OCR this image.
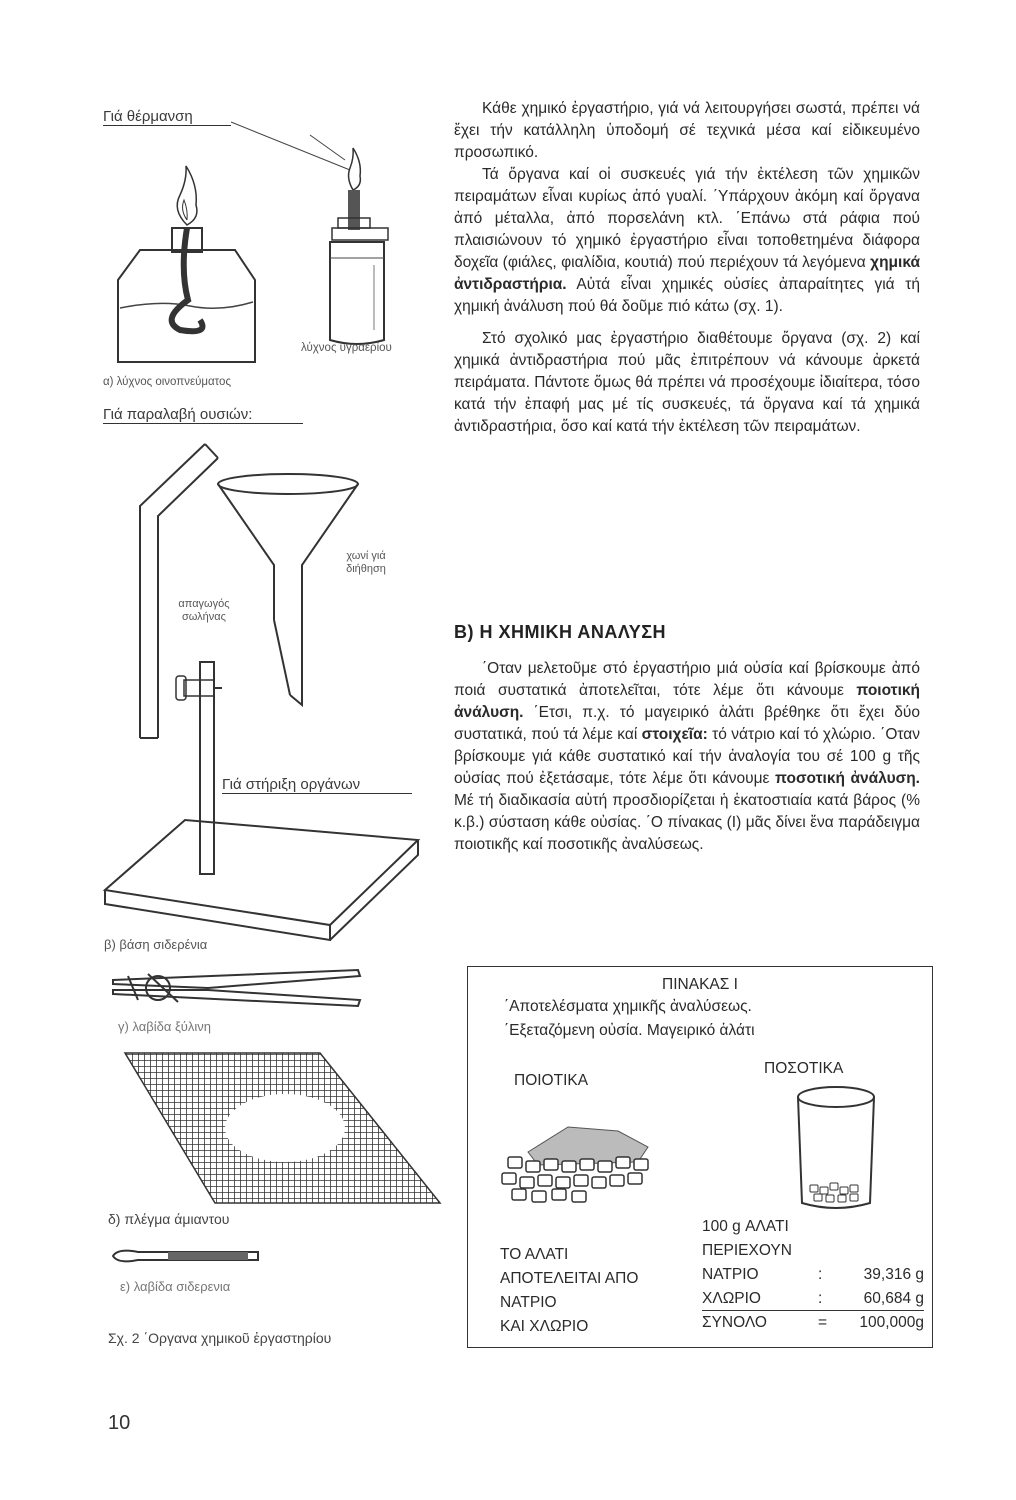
Γιά θέρμανση
λύχνος υγραερίου
α) λύχνος οινοπνεύματος
Γιά παραλαβή ουσιών:
χωνί γιά διήθηση
απαγωγός σωλήνας
Γιά στήριξη οργάνων
β) βάση σιδερένια
γ) λαβίδα ξύλινη
δ) πλέγμα άμιαντου
ε) λαβίδα σιδερενια
Σχ. 2 ΄Οργανα χημικοῦ ἐργαστηρίου

Κάθε χημικό ἐργαστήριο, γιά νά λειτουργήσει σωστά, πρέπει νά ἔχει τήν κατάλληλη ὑποδομή σέ τεχνικά μέσα καί εἰδικευμένο προσωπικό.

Τά ὄργανα καί οἱ συσκευές γιά τήν ἐκτέλεση τῶν χημικῶν πειραμάτων εἶναι κυρίως ἀπό γυαλί. ΄Υπάρχουν ἀκόμη καί ὄργανα ἀπό μέταλλα, ἀπό πορσελάνη κτλ. ΄Επάνω στά ράφια πού πλαισιώνουν τό χημικό ἐργαστήριο εἶναι τοποθετημένα διάφορα δοχεῖα (φιάλες, φιαλίδια, κουτιά) πού περιέχουν τά λεγόμενα χημικά ἀντιδραστήρια. Αὐτά εἶναι χημικές οὐσίες ἀπαραίτητες γιά τή χημική ἀνάλυση πού θά δοῦμε πιό κάτω (σχ. 1).

Στό σχολικό μας ἐργαστήριο διαθέτουμε ὄργανα (σχ. 2) καί χημικά ἀντιδραστήρια πού μᾶς ἐπιτρέπουν νά κάνουμε ἀρκετά πειράματα. Πάντοτε ὅμως θά πρέπει νά προσέχουμε ἰδιαίτερα, τόσο κατά τήν ἐπαφή μας μέ τίς συσκευές, τά ὄργανα καί τά χημικά ἀντιδραστήρια, ὅσο καί κατά τήν ἐκτέλεση τῶν πειραμάτων.

Β) Η ΧΗΜΙΚΗ ΑΝΑΛΥΣΗ

΄Οταν μελετοῦμε στό ἐργαστήριο μιά οὐσία καί βρίσκουμε ἀπό ποιά συστατικά ἀποτελεῖται, τότε λέμε ὅτι κάνουμε ποιοτική ἀνάλυση. ΄Ετσι, π.χ. τό μαγειρικό ἁλάτι βρέθηκε ὅτι ἔχει δύο συστατικά, πού τά λέμε καί στοιχεῖα: τό νάτριο καί τό χλώριο. ΄Οταν βρίσκουμε γιά κάθε συστατικό καί τήν ἀναλογία του σέ 100 g τῆς οὐσίας πού ἐξετάσαμε, τότε λέμε ὅτι κάνουμε ποσοτική ἀνάλυση. Μέ τή διαδικασία αὐτή προσδιορίζεται ἡ ἑκατοστιαία κατά βάρος (% κ.β.) σύσταση κάθε οὐσίας. ΄Ο πίνακας (Ι) μᾶς δίνει ἕνα παράδειγμα ποιοτικῆς καί ποσοτικῆς ἀναλύσεως.

ΠΙΝΑΚΑΣ Ι
΄Αποτελέσματα χημικῆς ἀναλύσεως.
΄Εξεταζόμενη οὐσία. Μαγειρικό ἁλάτι
ΠΟΙΟΤΙΚΑ
ΠΟΣΟΤΙΚΑ
ΤΟ ΑΛΑΤΙ
ΑΠΟΤΕΛΕΙΤΑΙ ΑΠΟ
ΝΑΤΡΙΟ
ΚΑΙ ΧΛΩΡΙΟ
100 g ΑΛΑΤΙ
ΠΕΡΙΕΧΟΥΝ
ΝΑΤΡΙΟ	:	39,316 g
ΧΛΩΡΙΟ	:	60,684 g
ΣΥΝΟΛΟ	= 100,000g
10
